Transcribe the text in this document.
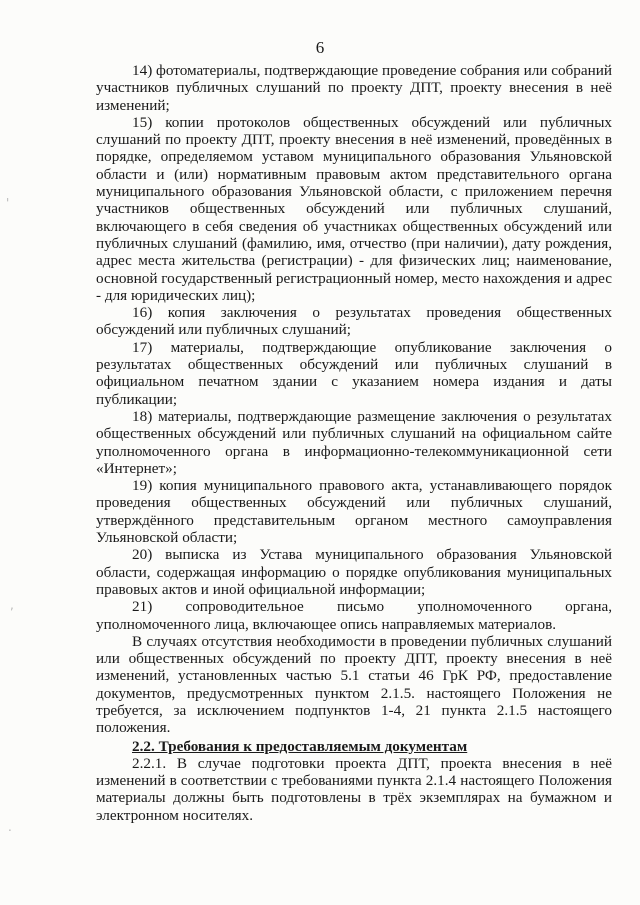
6

14) фотоматериалы, подтверждающие проведение собрания или собраний участников публичных слушаний по проекту ДПТ, проекту внесения в неё изменений;

15) копии протоколов общественных обсуждений или публичных слушаний по проекту ДПТ, проекту внесения в неё изменений, проведённых в порядке, определяемом уставом муниципального образования Ульяновской области и (или) нормативным правовым актом представительного органа муниципального образования Ульяновской области, с приложением перечня участников общественных обсуждений или публичных слушаний, включающего в себя сведения об участниках общественных обсуждений или публичных слушаний (фамилию, имя, отчество (при наличии), дату рождения, адрес места жительства (регистрации) - для физических лиц; наименование, основной государственный регистрационный номер, место нахождения и адрес - для юридических лиц);

16) копия заключения о результатах проведения общественных обсуждений или публичных слушаний;

17) материалы, подтверждающие опубликование заключения о результатах общественных обсуждений или публичных слушаний в официальном печатном здании с указанием номера издания и даты публикации;

18) материалы, подтверждающие размещение заключения о результатах общественных обсуждений или публичных слушаний на официальном сайте уполномоченного органа в информационно-телекоммуникационной сети «Интернет»;

19) копия муниципального правового акта, устанавливающего порядок проведения общественных обсуждений или публичных слушаний, утверждённого представительным органом местного самоуправления Ульяновской области;

20) выписка из Устава муниципального образования Ульяновской области, содержащая информацию о порядке опубликования муниципальных правовых актов и иной официальной информации;

21) сопроводительное письмо уполномоченного органа, уполномоченного лица, включающее опись направляемых материалов.

В случаях отсутствия необходимости в проведении публичных слушаний или общественных обсуждений по проекту ДПТ, проекту внесения в неё изменений, установленных частью 5.1 статьи 46 ГрК РФ, предоставление документов, предусмотренных пунктом 2.1.5. настоящего Положения не требуется, за исключением подпунктов 1-4, 21 пункта 2.1.5 настоящего положения.

2.2. Требования к предоставляемым документам

2.2.1. В случае подготовки проекта ДПТ, проекта внесения в неё изменений в соответствии с требованиями пункта 2.1.4 настоящего Положения материалы должны быть подготовлены в трёх экземплярах на бумажном и электронном носителях.

'
,
.
